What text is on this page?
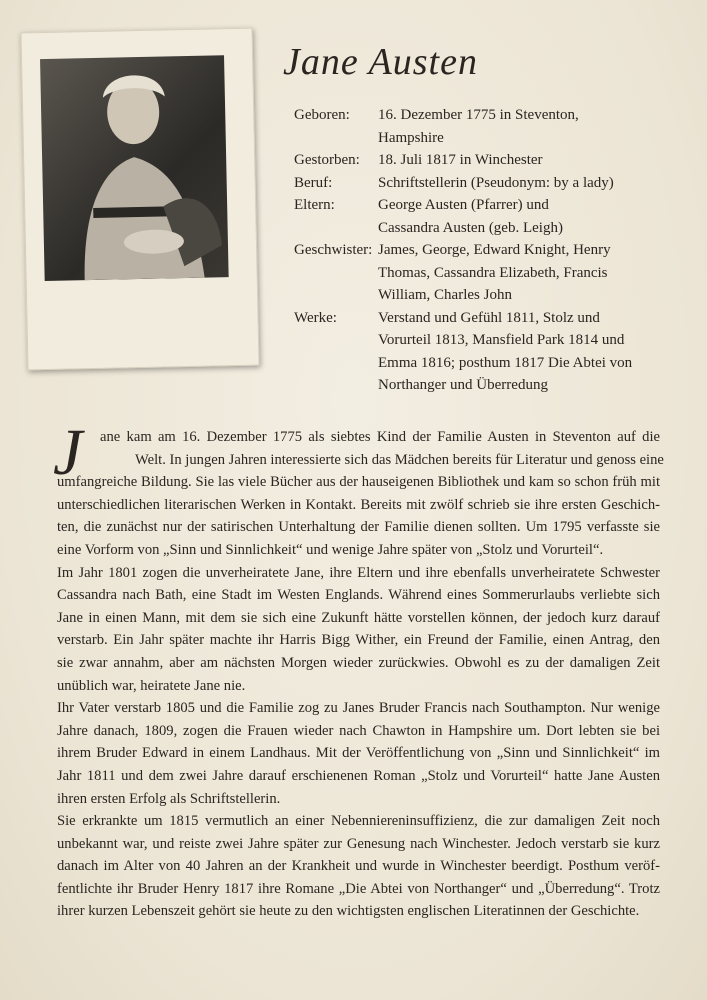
Jane Austen
Geboren:	16. Dezember 1775 in Steventon, Hampshire
Gestorben:	18. Juli 1817 in Winchester
Beruf:	Schriftstellerin (Pseudonym: by a lady)
Eltern:	George Austen (Pfarrer) und
Cassandra Austen (geb. Leigh)
Geschwister: James, George, Edward Knight, Henry
Thomas, Cassandra Elizabeth, Francis
William, Charles John
Werke:	Verstand und Gefühl 1811, Stolz und
Vorurteil 1813, Mansfield Park 1814 und
Emma 1816; posthum 1817 Die Abtei von
Northanger und Überredung
J ane kam am 16. Dezember 1775 als siebtes Kind der Familie Austen in Steventon auf die
Welt. In jungen Jahren interessierte sich das Mädchen bereits für Literatur und genoss eine
umfangreiche Bildung. Sie las viele Bücher aus der hauseigenen Bibliothek und kam so schon früh mit
unterschiedlichen literarischen Werken in Kontakt. Bereits mit zwölf schrieb sie ihre ersten Geschich-
ten, die zunächst nur der satirischen Unterhaltung der Familie dienen sollten. Um 1795 verfasste sie
eine Vorform von „Sinn und Sinnlichkeit“ und wenige Jahre später von „Stolz und Vorurteil“.
Im Jahr 1801 zogen die unverheiratete Jane, ihre Eltern und ihre ebenfalls unverheiratete Schwester
Cassandra nach Bath, eine Stadt im Westen Englands. Während eines Sommerurlaubs verliebte sich
Jane in einen Mann, mit dem sie sich eine Zukunft hätte vorstellen können, der jedoch kurz darauf
verstarb. Ein Jahr später machte ihr Harris Bigg Wither, ein Freund der Familie, einen Antrag, den
sie zwar annahm, aber am nächsten Morgen wieder zurückwies. Obwohl es zu der damaligen Zeit
unüblich war, heiratete Jane nie.
Ihr Vater verstarb 1805 und die Familie zog zu Janes Bruder Francis nach Southampton. Nur wenige
Jahre danach, 1809, zogen die Frauen wieder nach Chawton in Hampshire um. Dort lebten sie bei
ihrem Bruder Edward in einem Landhaus. Mit der Veröffentlichung von „Sinn und Sinnlichkeit“ im
Jahr 1811 und dem zwei Jahre darauf erschienenen Roman „Stolz und Vorurteil“ hatte Jane Austen
ihren ersten Erfolg als Schriftstellerin.
Sie erkrankte um 1815 vermutlich an einer Nebenniereninsuffizienz, die zur damaligen Zeit noch
unbekannt war, und reiste zwei Jahre später zur Genesung nach Winchester. Jedoch verstarb sie kurz
danach im Alter von 40 Jahren an der Krankheit und wurde in Winchester beerdigt. Posthum veröf-
fentlichte ihr Bruder Henry 1817 ihre Romane „Die Abtei von Northanger“ und „Überredung“. Trotz
ihrer kurzen Lebenszeit gehört sie heute zu den wichtigsten englischen Literatinnen der Geschichte.
